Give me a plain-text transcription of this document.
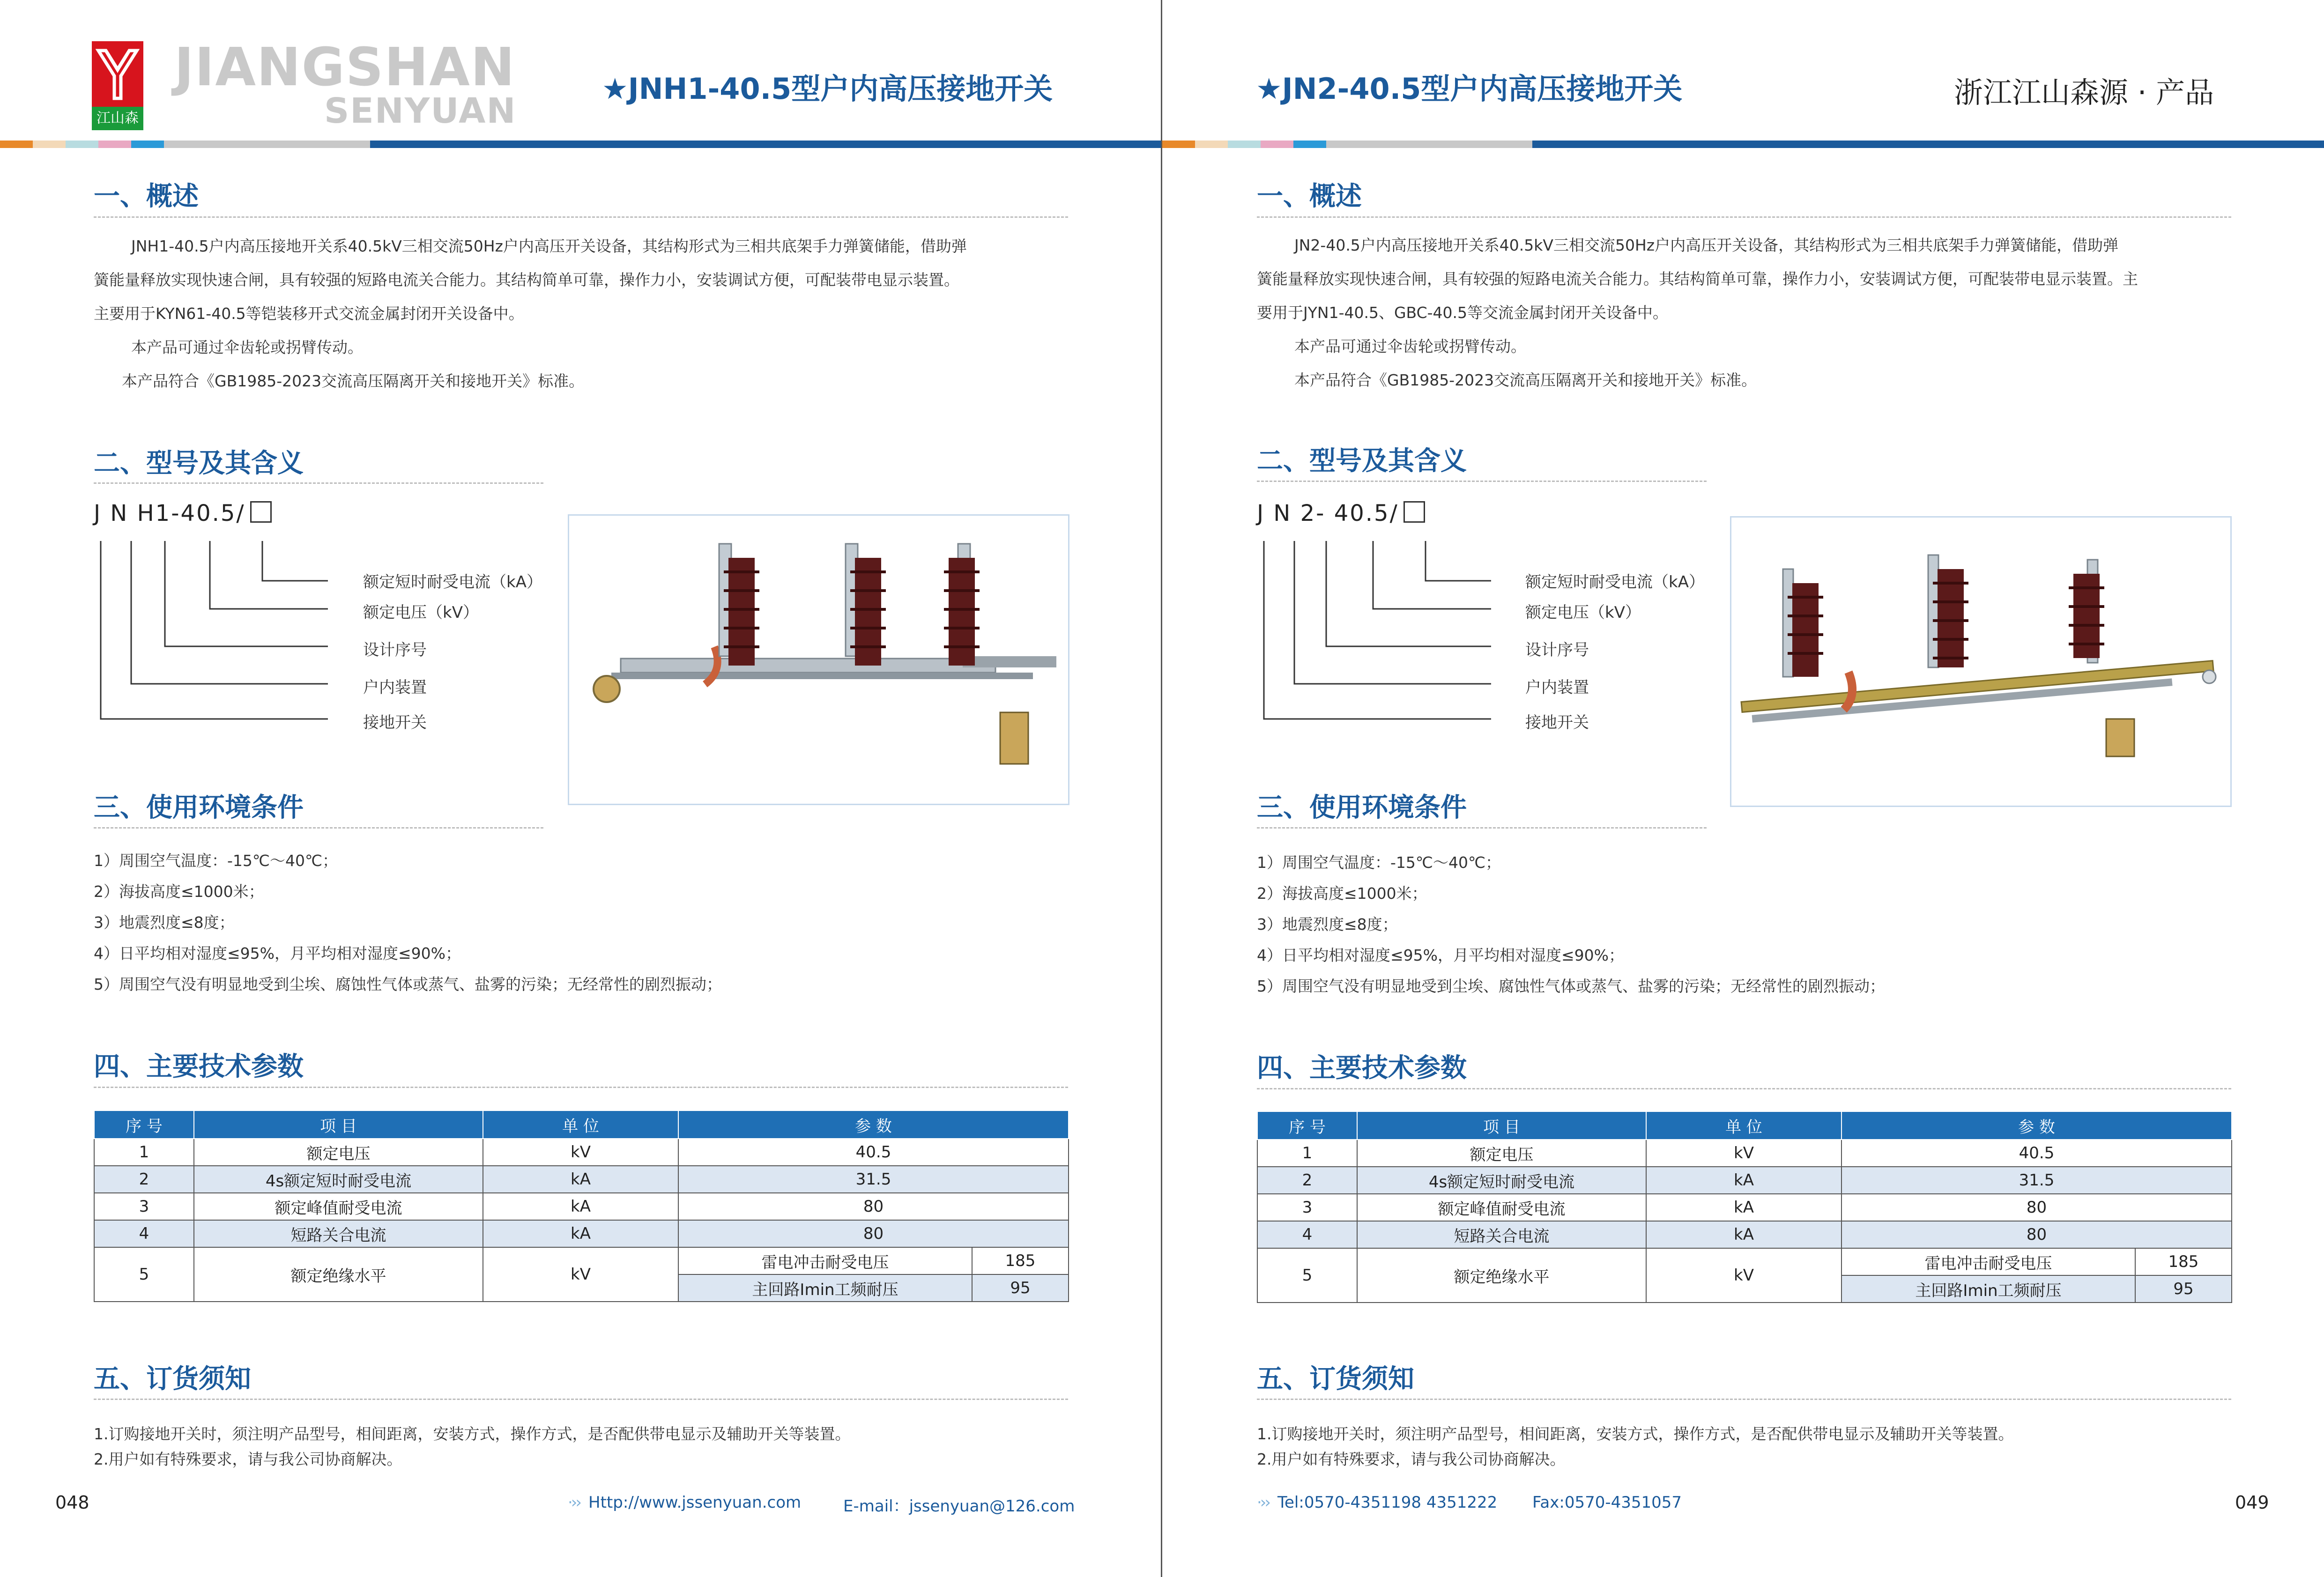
江山森
JIANGSHAN
SENYUAN
★JNH1-40.5型户内高压接地开关
一、概述

JNH1-40.5户内高压接地开关系40.5kV三相交流50Hz户内高压开关设备，其结构形式为三相共底架手力弹簧储能，借助弹

簧能量释放实现快速合闸，具有较强的短路电流关合能力。其结构简单可靠，操作力小，安装调试方便，可配装带电显示装置。

主要用于KYN61-40.5等铠装移开式交流金属封闭开关设备中。

本产品可通过伞齿轮或拐臂传动。

本产品符合《GB1985-2023交流高压隔离开关和接地开关》标准。

二、型号及其含义
J N H1-40.5/
额定短时耐受电流（kA）
额定电压（kV）
设计序号
户内装置
接地开关
三、使用环境条件
1）周围空气温度：-15℃～40℃；
2）海拔高度≤1000米；
3）地震烈度≤8度；
4）日平均相对湿度≤95%，月平均相对湿度≤90%；
5）周围空气没有明显地受到尘埃、腐蚀性气体或蒸气、盐雾的污染；无经常性的剧烈振动；
四、主要技术参数
序 号	项 目	单 位	参 数	
1	额定电压	kV	40.5	
2	4s额定短时耐受电流	kA	31.5	
3	额定峰值耐受电流	kA	80	
4	短路关合电流	kA	80	
5	额定绝缘水平	kV	雷电冲击耐受电压	185
			主回路Imin工频耐压	95
五、订货须知
1.订购接地开关时，须注明产品型号，相间距离，安装方式，操作方式，是否配供带电显示及辅助开关等装置。
2.用户如有特殊要求，请与我公司协商解决。
048	·›› Http://www.jssenyuan.com	E-mail：jssenyuan@126.com
★JN2-40.5型户内高压接地开关	浙江江山森源 · 产品
一、概述

JN2-40.5户内高压接地开关系40.5kV三相交流50Hz户内高压开关设备，其结构形式为三相共底架手力弹簧储能，借助弹

簧能量释放实现快速合闸，具有较强的短路电流关合能力。其结构简单可靠，操作力小，安装调试方便，可配装带电显示装置。主

要用于JYN1-40.5、GBC-40.5等交流金属封闭开关设备中。

本产品可通过伞齿轮或拐臂传动。

本产品符合《GB1985-2023交流高压隔离开关和接地开关》标准。

二、型号及其含义
J N 2- 40.5/
额定短时耐受电流（kA）
额定电压（kV）
设计序号
户内装置
接地开关
三、使用环境条件
1）周围空气温度：-15℃～40℃；
2）海拔高度≤1000米；
3）地震烈度≤8度；
4）日平均相对湿度≤95%，月平均相对湿度≤90%；
5）周围空气没有明显地受到尘埃、腐蚀性气体或蒸气、盐雾的污染；无经常性的剧烈振动；
四、主要技术参数
序 号	项 目	单 位	参 数	
1	额定电压	kV	40.5	
2	4s额定短时耐受电流	kA	31.5	
3	额定峰值耐受电流	kA	80	
4	短路关合电流	kA	80	
5	额定绝缘水平	kV	雷电冲击耐受电压	185
			主回路Imin工频耐压	95
五、订货须知
1.订购接地开关时，须注明产品型号，相间距离，安装方式，操作方式，是否配供带电显示及辅助开关等装置。
2.用户如有特殊要求，请与我公司协商解决。
·›› Tel:0570-4351198 4351222 Fax:0570-4351057	049
